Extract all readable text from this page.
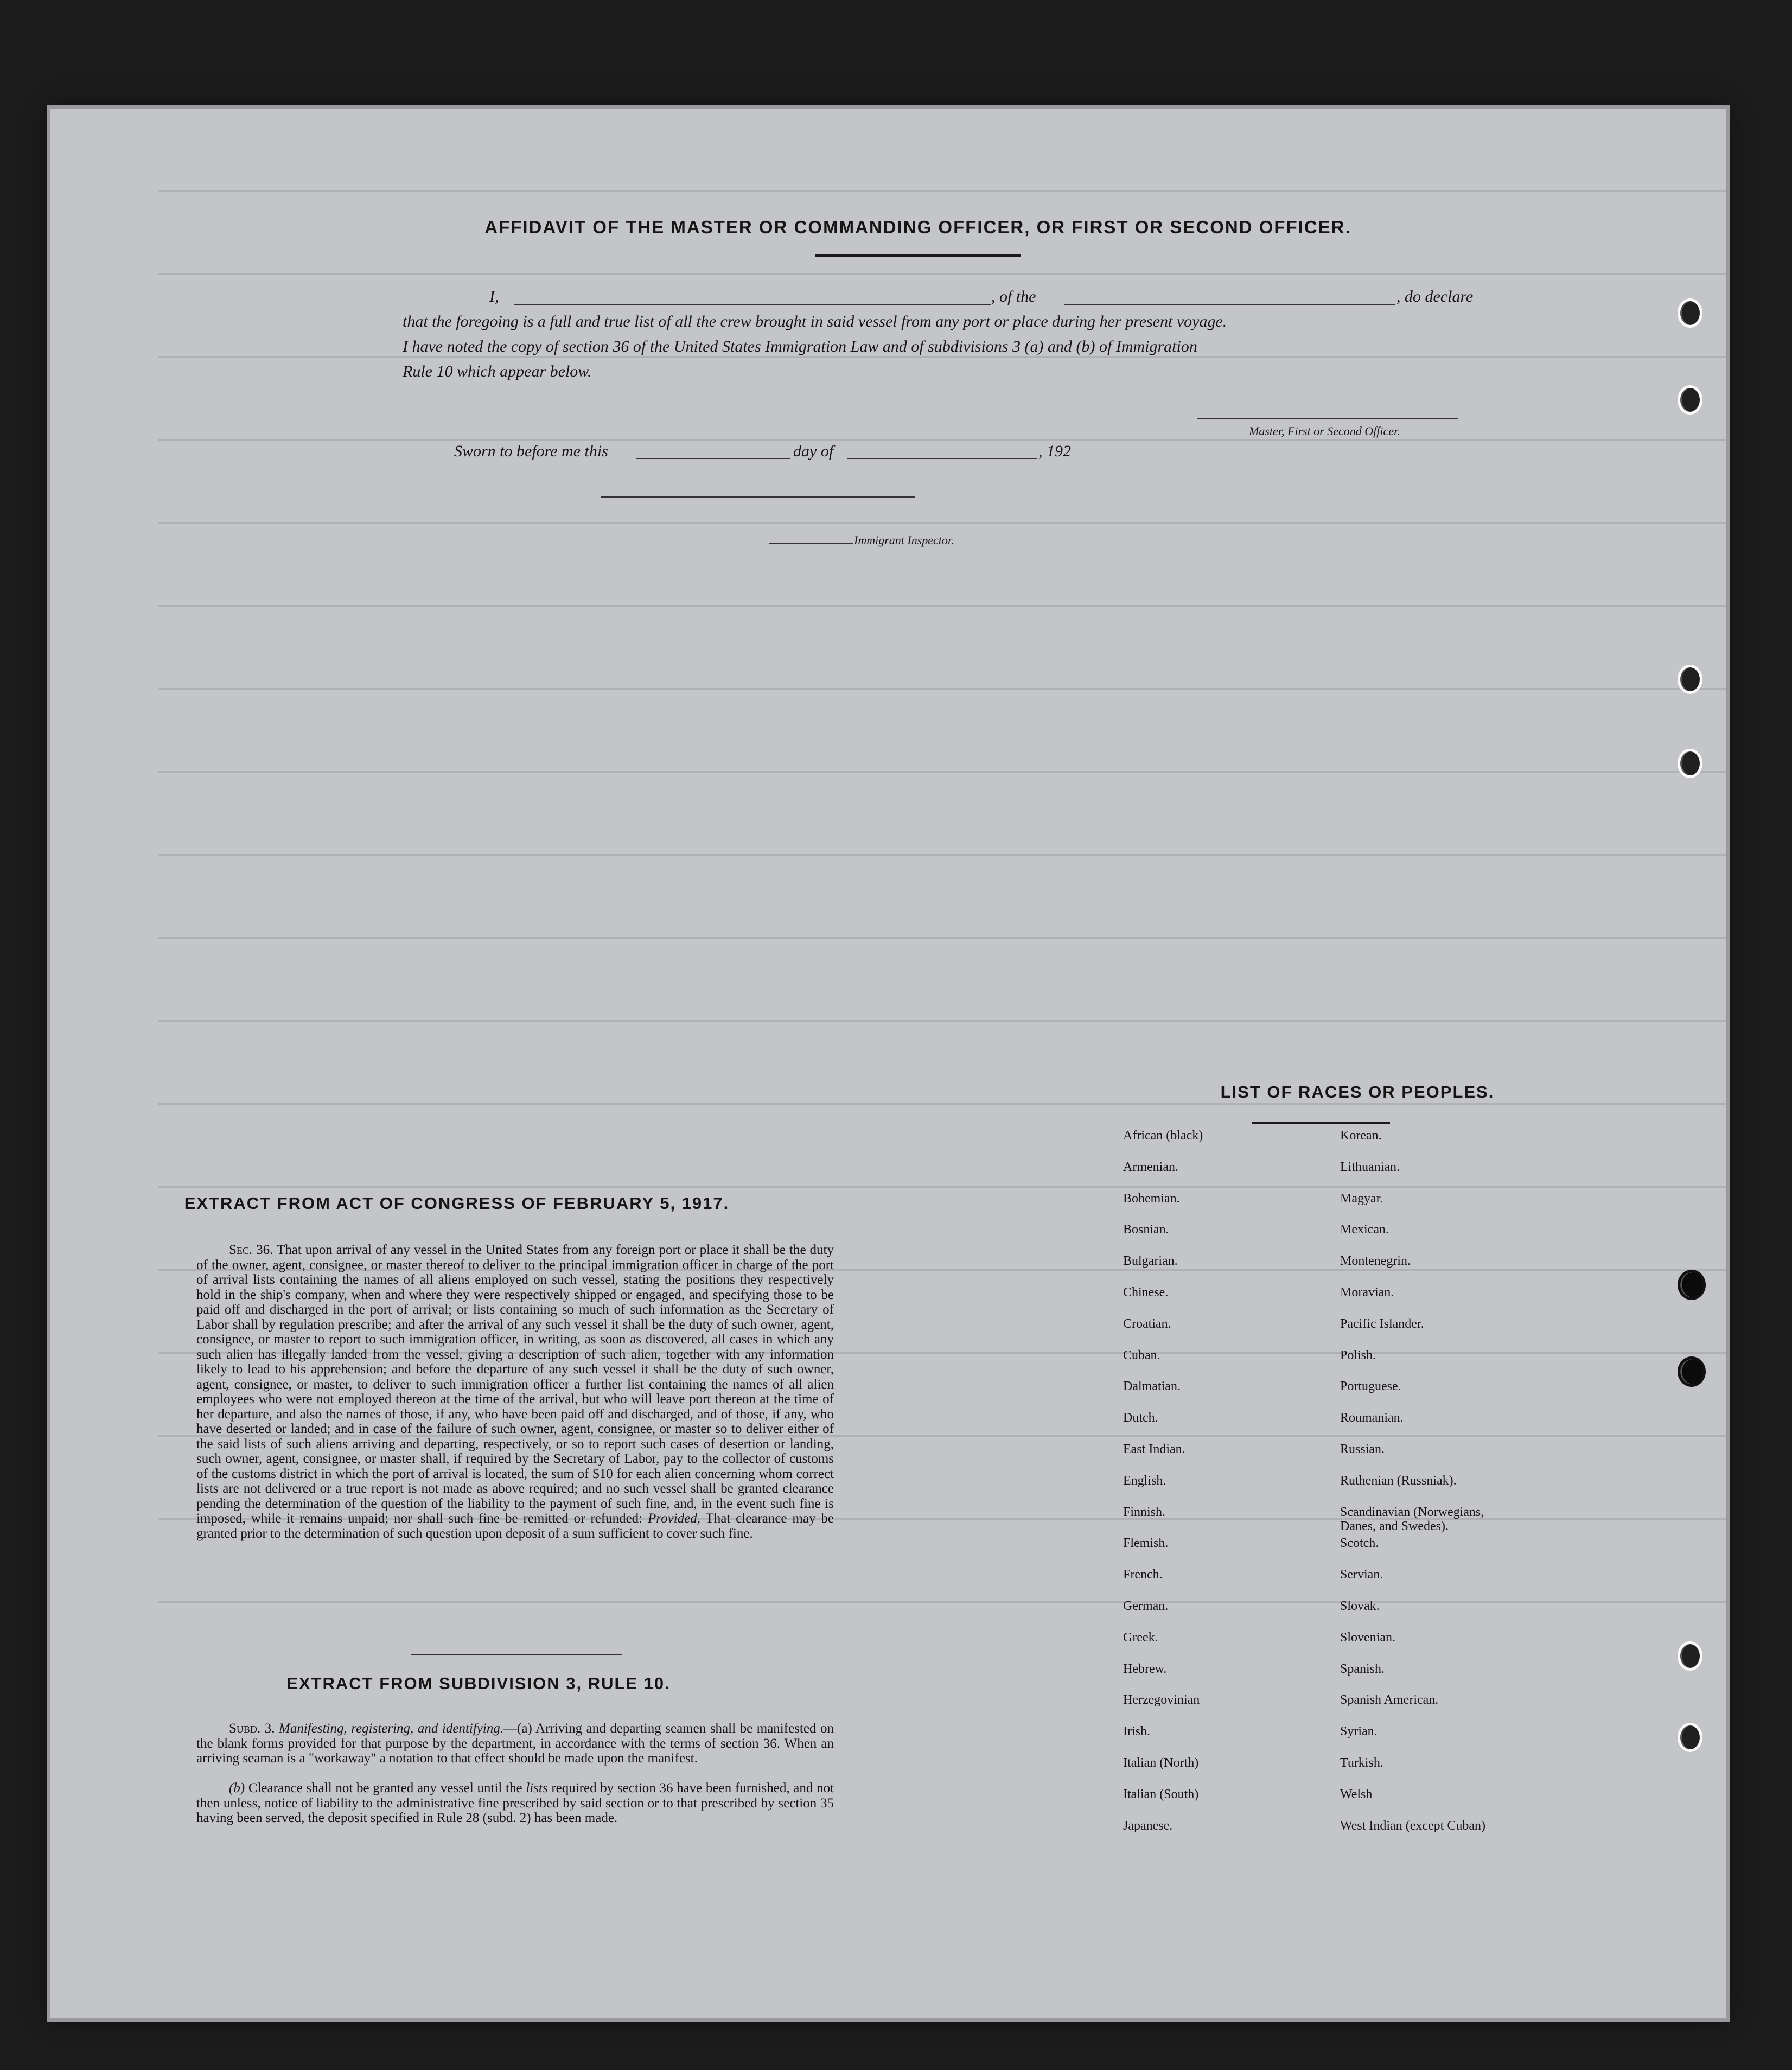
AFFIDAVIT OF THE MASTER OR COMMANDING OFFICER, OR FIRST OR SECOND OFFICER.
I,	, of the	, do declare
that the foregoing is a full and true list of all the crew brought in said vessel from any port or place during her present voyage.
I have noted the copy of section 36 of the United States Immigration Law and of subdivisions 3 (a) and (b) of Immigration
Rule 10 which appear below.
Master, First or Second Officer.
Sworn to before me this	day of	, 192
Immigrant Inspector.
EXTRACT FROM ACT OF CONGRESS OF FEBRUARY 5, 1917.

Sec. 36. That upon arrival of any vessel in the United States from any foreign port or place it shall be the duty of the owner, agent, consignee, or master thereof to deliver to the principal immigration officer in charge of the port of arrival lists containing the names of all aliens employed on such vessel, stating the positions they respectively hold in the ship's company, when and where they were respectively shipped or engaged, and specifying those to be paid off and discharged in the port of arrival; or lists containing so much of such information as the Secretary of Labor shall by regulation prescribe; and after the arrival of any such vessel it shall be the duty of such owner, agent, consignee, or master to report to such immigration officer, in writing, as soon as discovered, all cases in which any such alien has illegally landed from the vessel, giving a description of such alien, together with any information likely to lead to his apprehension; and before the departure of any such vessel it shall be the duty of such owner, agent, consignee, or master, to deliver to such immigration officer a further list containing the names of all alien employees who were not employed thereon at the time of the arrival, but who will leave port thereon at the time of her departure, and also the names of those, if any, who have been paid off and discharged, and of those, if any, who have deserted or landed; and in case of the failure of such owner, agent, consignee, or master so to deliver either of the said lists of such aliens arriving and departing, respectively, or so to report such cases of desertion or landing, such owner, agent, consignee, or master shall, if required by the Secretary of Labor, pay to the collector of customs of the customs district in which the port of arrival is located, the sum of $10 for each alien concerning whom correct lists are not delivered or a true report is not made as above required; and no such vessel shall be granted clearance pending the determination of the question of the liability to the payment of such fine, and, in the event such fine is imposed, while it remains unpaid; nor shall such fine be remitted or refunded: Provided, That clearance may be granted prior to the determination of such question upon deposit of a sum sufficient to cover such fine.

EXTRACT FROM SUBDIVISION 3, RULE 10.

Subd. 3. Manifesting, registering, and identifying.—(a) Arriving and departing seamen shall be manifested on the blank forms provided for that purpose by the department, in accordance with the terms of section 36. When an arriving seaman is a "workaway" a notation to that effect should be made upon the manifest.

(b) Clearance shall not be granted any vessel until the lists required by section 36 have been furnished, and not then unless, notice of liability to the administrative fine prescribed by said section or to that prescribed by section 35 having been served, the deposit specified in Rule 28 (subd. 2) has been made.

LIST OF RACES OR PEOPLES.
African (black)	Korean.
Armenian.	Lithuanian.
Bohemian.	Magyar.
Bosnian.	Mexican.
Bulgarian.	Montenegrin.
Chinese.	Moravian.
Croatian.	Pacific Islander.
Cuban.	Polish.
Dalmatian.	Portuguese.
Dutch.	Roumanian.
East Indian.	Russian.
English.	Ruthenian (Russniak).
Finnish.	Scandinavian (Norwegians, Danes, and Swedes).
Flemish.	Scotch.
French.	Servian.
German.	Slovak.
Greek.	Slovenian.
Hebrew.	Spanish.
Herzegovinian	Spanish American.
Irish.	Syrian.
Italian (North)	Turkish.
Italian (South)	Welsh
Japanese.	West Indian (except Cuban)
